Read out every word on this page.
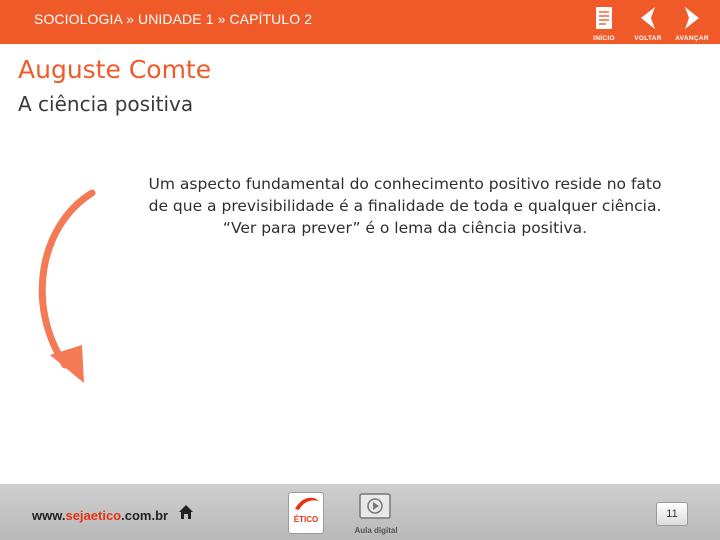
SOCIOLOGIA » UNIDADE 1 » CAPÍTULO 2
INÍCIO	VOLTAR	AVANÇAR
Auguste Comte
A ciência positiva
Um aspecto fundamental do conhecimento positivo reside no fato
de que a previsibilidade é a finalidade de toda e qualquer ciência.
“Ver para prever” é o lema da ciência positiva.
www.sejaetico.com.br	ÉTICO
Aula digital
11
